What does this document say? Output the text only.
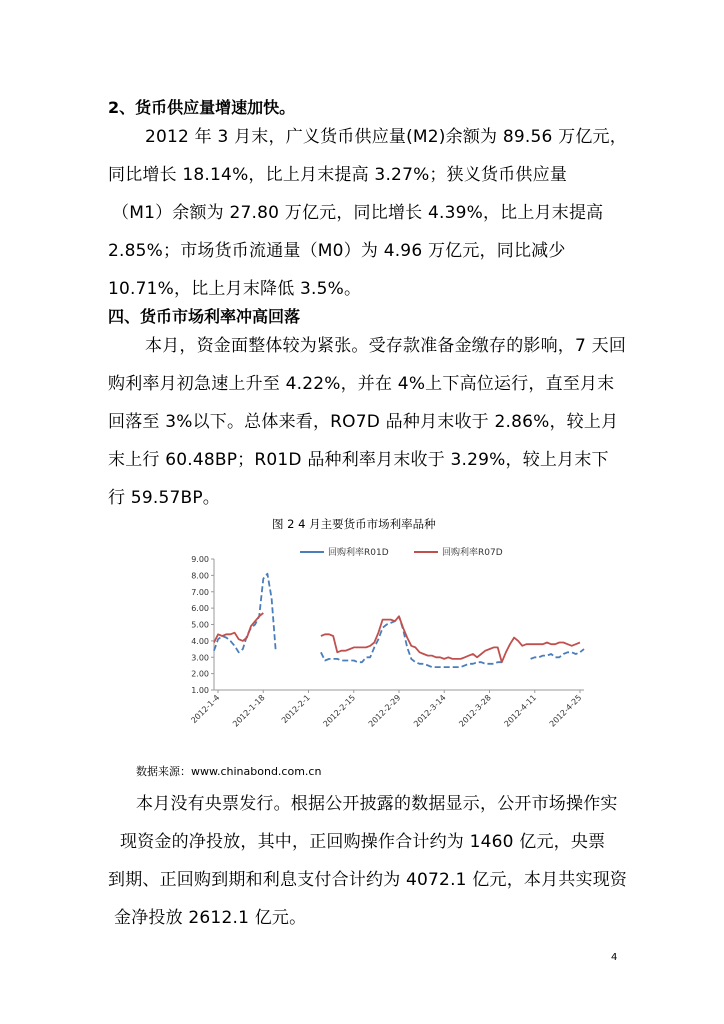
2、货币供应量增速加快。
2012 年 3 月末，广义货币供应量(M2)余额为 89.56 万亿元，
同比增长 18.14%，比上月末提高 3.27%；狭义货币供应量
（M1）余额为 27.80 万亿元，同比增长 4.39%，比上月末提高
2.85%；市场货币流通量（M0）为 4.96 万亿元，同比减少
10.71%，比上月末降低 3.5%。
四、货币市场利率冲高回落
本月，资金面整体较为紧张。受存款准备金缴存的影响，7 天回
购利率月初急速上升至 4.22%，并在 4%上下高位运行，直至月末
回落至 3%以下。总体来看，RO7D 品种月末收于 2.86%，较上月
末上行 60.48BP；R01D 品种利率月末收于 3.29%，较上月末下
行 59.57BP。
图 2 4 月主要货币市场利率品种
1.00
2.00
3.00
4.00
5.00
6.00
7.00
8.00
9.00
2012-1-4 2012-1-18 2012-2-1 2012-2-15 2012-2-29 2012-3-14 2012-3-28 2012-4-11 2012-4-25
回购利率R01D	回购利率R07D
数据来源：www.chinabond.com.cn
本月没有央票发行。根据公开披露的数据显示，公开市场操作实
现资金的净投放，其中，正回购操作合计约为 1460 亿元，央票
到期、正回购到期和利息支付合计约为 4072.1 亿元，本月共实现资
金净投放 2612.1 亿元。
4
